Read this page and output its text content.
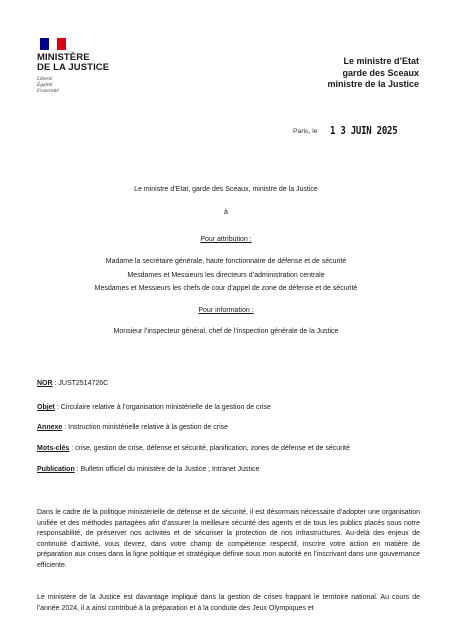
MINISTÈRE
DE LA JUSTICE
Liberté
Égalité
Fraternité
Le ministre d’Etat
garde des Sceaux
ministre de la Justice
Paris, le 1 3 JUIN 2025
Le ministre d’Etat, garde des Sceaux, ministre de la Justice
à
Pour attribution :
Madame la secrétaire générale, haute fonctionnaire de défense et de sécurité
Mesdames et Messieurs les directeurs d’administration centrale
Mesdames et Messieurs les chefs de cour d’appel de zone de défense et de sécurité
Pour information :
Monsieur l’inspecteur général, chef de l’inspection générale de la Justice
NOR : JUST2514726C
Objet : Circulaire relative à l’organisation ministérielle de la gestion de crise
Annexe : Instruction ministérielle relative à la gestion de crise
Mots-clés : crise, gestion de crise, défense et sécurité, planification, zones de défense et de sécurité
Publication : Bulletin officiel du ministère de la Justice ; Intranet Justice
Dans le cadre de la politique ministérielle de défense et de sécurité, il est désormais nécessaire d’adopter une organisation unifiée et des méthodes partagées afin d’assurer la meilleure sécurité des agents et de tous les publics placés sous notre responsabilité, de préserver nos activités et de sécuriser la protection de nos infrastructures. Au-delà des enjeux de continuité d’activité, vous devrez, dans votre champ de compétence respectif, inscrire votre action en matière de préparation aux crises dans la ligne politique et stratégique définie sous mon autorité en l’inscrivant dans une gouvernance efficiente.
Le ministère de la Justice est davantage impliqué dans la gestion de crises frappant le territoire national. Au cours de l’année 2024, il a ainsi contribué à la préparation et à la conduite des Jeux Olympiques et
